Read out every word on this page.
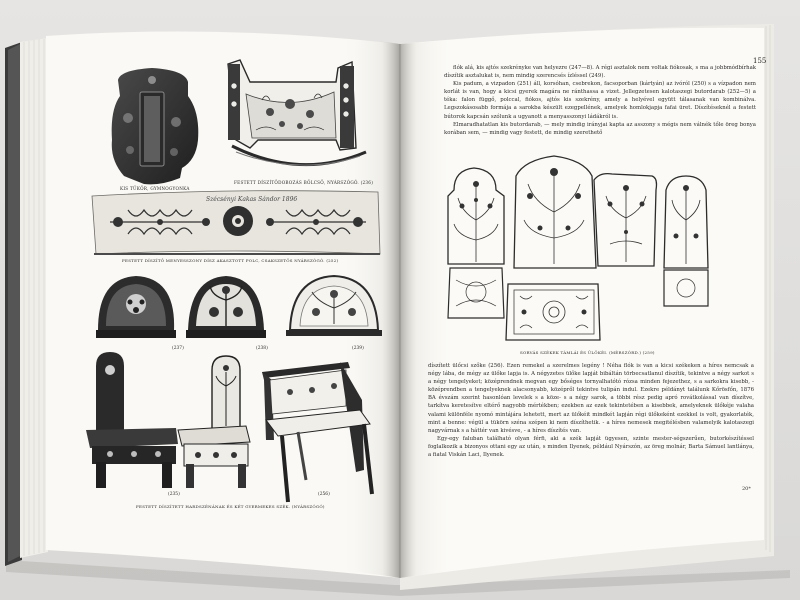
Szécsényi Kakas Sándor 1896
KIS TÜKÖR, GYMNOGYONKA
FESTETT DÍSZÍTŐDOBOZÁS BÖLCSŐ, NYÁRSZÓGÓ. (236)
FESTETT DÍSZÍTŐ MENYESSZONY DÍSZ AKASZTOTT POLC, CSAKSZETŐS NYÁRSZÓGÓ. (252)
(237)	(238)	(239)
(235)	(256)
FESTETT DÍSZÍTETT HARDSZÉNÁNAK ÉS KÉT GYERMEKES SZÉK. (NYÁRSZÓGÓ)
155

flók alá, kis ajtós szekrényke van helyezre (247—8). A régi asztalok nem voltak fiókosak, s ma a jobbmódbírhak díszítik asztalukat is, nem mindig szerencsés ízléssel (249).

Kis padum, a vizpadon (251) áll, korsóhan, csebrekon, facsoporban (kártyán) az ivóról (250) s a vízpadon nem korlát is van, hogy a kicsi gyerek magára ne ránthassa a vizet. Jellegzetesen kalotaszegi butordarab (252—5) a téka: falon függő, polccal, fiókos, ajtós kis szekrény, amely a helyével együtt tálasanak van kombinálva. Legszokásosabb formája a sarokba készült ezegpellének, amelyek homlokjapja fafai üret. Díszítéseknél a festett bútorok kapcsán szólunk a ugyanott a menyasszonyi ládákról is.

Elmaradhatatlan kis butordarab, — mely mindig irányjai kapta az asszony s mégis nem válnék tőle öreg bonya korában sem, — mindig vagy festett, de mindig szerethető

SORVÁS SZÉKEK TÁMLÁI ÉS ÜLŐKÉI. (MÉRSZÓRD.) (259)

díszített ülőcsi szőke (256). Ezen remekel a szerelmes legény ! Néha flók is van a kicsi székeken a híres nemcsak a négy lába, de mégy az ülőke lapja is. A négyzetes ülőke lapját bibáltán törbecsatlanul díszítik, tekintve a négy sarkot s a négy tengelyeket; középrendnek megvan egy bőséges tornyalhatótó rózsa minden fejezethez, s a sarkokra kisebb, - középrendben a tengelyeknek alacsonyabb, középről tekintve tulipán indul. Ezekre példányt találunk Kőrösfőn, 1876 BA évszám szerint hasonlóan levelek s a köze- s a négy sarok, a többi rész pedig apró rovátkolással van díszítve, tarkítva keretesítve eltérő nagyobb mértékben; ezekben az ezek tekintetében a kisebbek, amelyeknek ülőkéje valaha valami különféle nyomó mintájára lehetett, mert az ülőkéit mindkét lapján régi ülőkeként ezekkel is volt, gyakorlaték, mint a benne: végül a tükörn széna szépen ki nem díszíthetik. - a híres nemesek megitélésben valamelyik kalotaszegi nagyvárnak s a háttér van kivésve, - a híres díszítés van.

Egy-egy faluban található olyan férfi, aki a szék lapját ügyesen, szinte mester-ségszerűen, butorkészítéssel foglalkozik a bizonyos ottani egy az után, s minden Ilyenek, például Nyárszón, az öreg molnár, Barta Sámuel lantlánya, a fiatal Viskán Laci, Ilyenek.

20*
